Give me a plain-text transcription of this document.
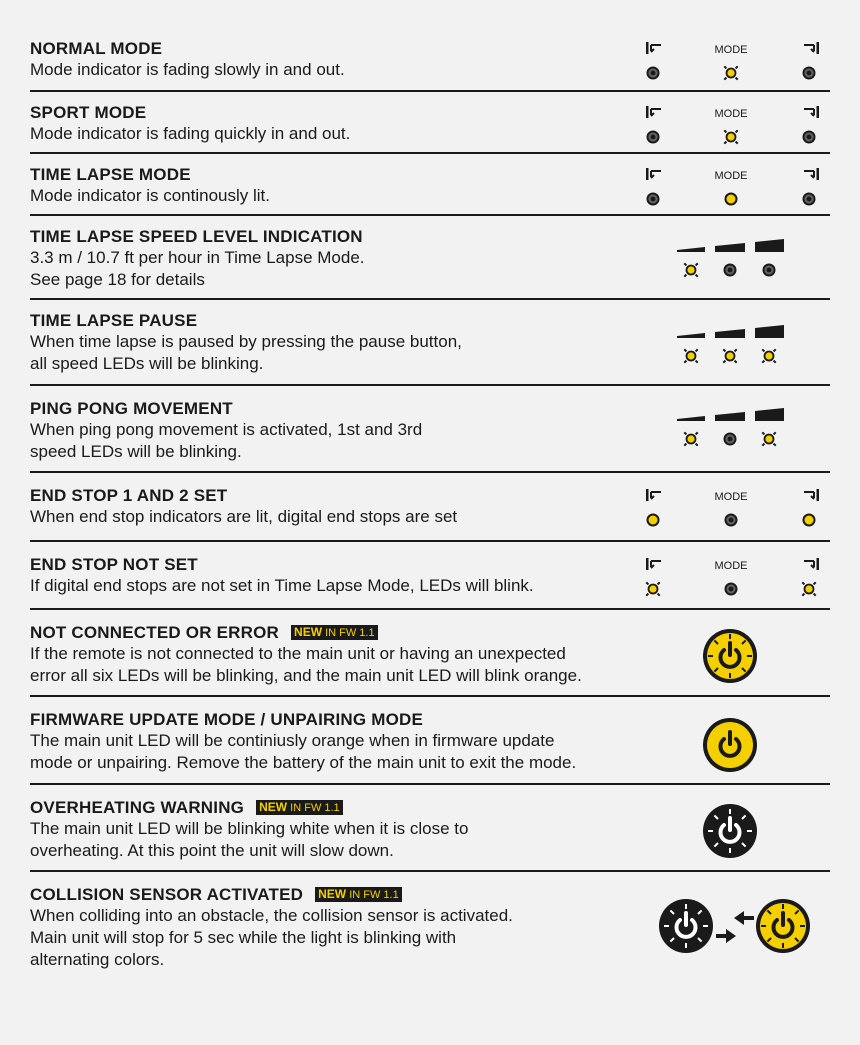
NORMAL MODE
Mode indicator is fading slowly in and out.
MODE
SPORT MODE
Mode indicator is fading quickly in and out.
MODE
TIME LAPSE MODE
Mode indicator is continously lit.
MODE
TIME LAPSE SPEED LEVEL INDICATION
3.3 m / 10.7 ft per hour in Time Lapse Mode.
See page 18 for details
TIME LAPSE PAUSE
When time lapse is paused by pressing the pause button,
all speed LEDs will be blinking.
PING PONG MOVEMENT
When ping pong movement is activated, 1st and 3rd
speed LEDs will be blinking.
END STOP 1 AND 2 SET
When end stop indicators are lit, digital end stops are set
MODE
END STOP NOT SET
If digital end stops are not set in Time Lapse Mode, LEDs will blink.
MODE
NOT CONNECTED OR ERROR NEW IN FW 1.1
If the remote is not connected to the main unit or having an unexpected
error all six LEDs will be blinking, and the main unit LED will blink orange.
FIRMWARE UPDATE MODE / UNPAIRING MODE
The main unit LED will be continiusly orange when in firmware update
mode or unpairing. Remove the battery of the main unit to exit the mode.
OVERHEATING WARNING NEW IN FW 1.1
The main unit LED will be blinking white when it is close to
overheating. At this point the unit will slow down.
COLLISION SENSOR ACTIVATED NEW IN FW 1.1
When colliding into an obstacle, the collision sensor is activated.
Main unit will stop for 5 sec while the light is blinking with
alternating colors.
